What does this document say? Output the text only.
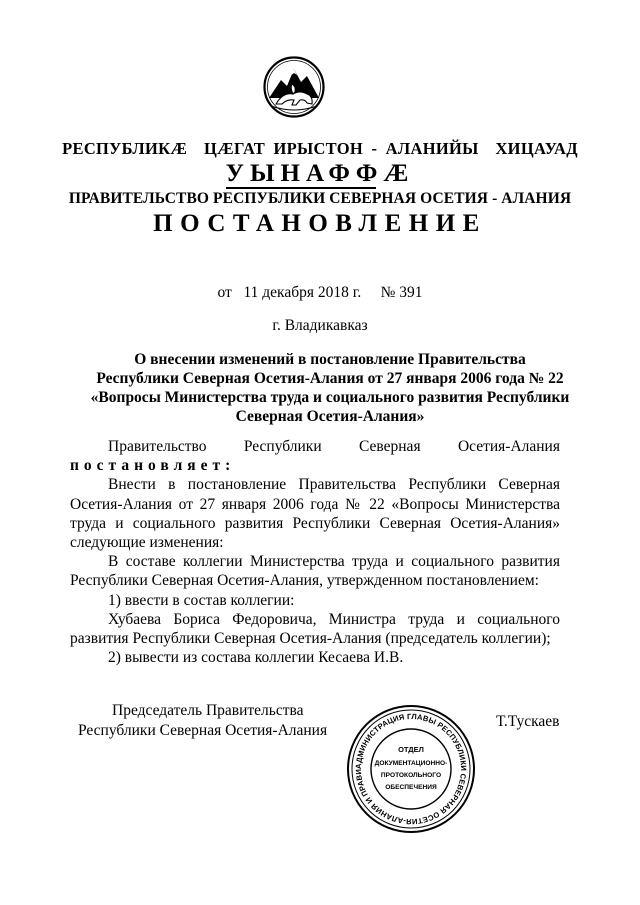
РЕСПУБЛИКӔ  ЦӔГАТ ИРЫСТОН - АЛАНИЙЫ  ХИЦАУАД
УЫНАФФӔ
ПРАВИТЕЛЬСТВО РЕСПУБЛИКИ СЕВЕРНАЯ ОСЕТИЯ - АЛАНИЯ
ПОСТАНОВЛЕНИЕ
от 11 декабря 2018 г. № 391
г. Владикавказ
О внесении изменений в постановление Правительства
Республики Северная Осетия-Алания от 27 января 2006 года № 22
«Вопросы Министерства труда и социального развития Республики
Северная Осетия-Алания»
Правительство Республики Северная Осетия-Алания
постановляет:
Внести в постановление Правительства Республики Северная
Осетия-Алания от 27 января 2006 года № 22 «Вопросы Министерства
труда и социального развития Республики Северная Осетия-Алания»
следующие изменения:
В составе коллегии Министерства труда и социального развития
Республики Северная Осетия-Алания, утвержденном постановлением:
1) ввести в состав коллегии:
Хубаева Бориса Федоровича, Министра труда и социального
развития Республики Северная Осетия-Алания (председатель коллегии);
2) вывести из состава коллегии Кесаева И.В.
Председатель Правительства
Республики Северная Осетия-Алания	Т.Тускаев
АДМИНИСТРАЦИЯ ГЛАВЫ РЕСПУБЛИКИ СЕВЕРНАЯ ОСЕТИЯ-АЛАНИЯ И ПРАВИ
ОТДЕЛ
ДОКУМЕНТАЦИОННО-
ПРОТОКОЛЬНОГО
ОБЕСПЕЧЕНИЯ
